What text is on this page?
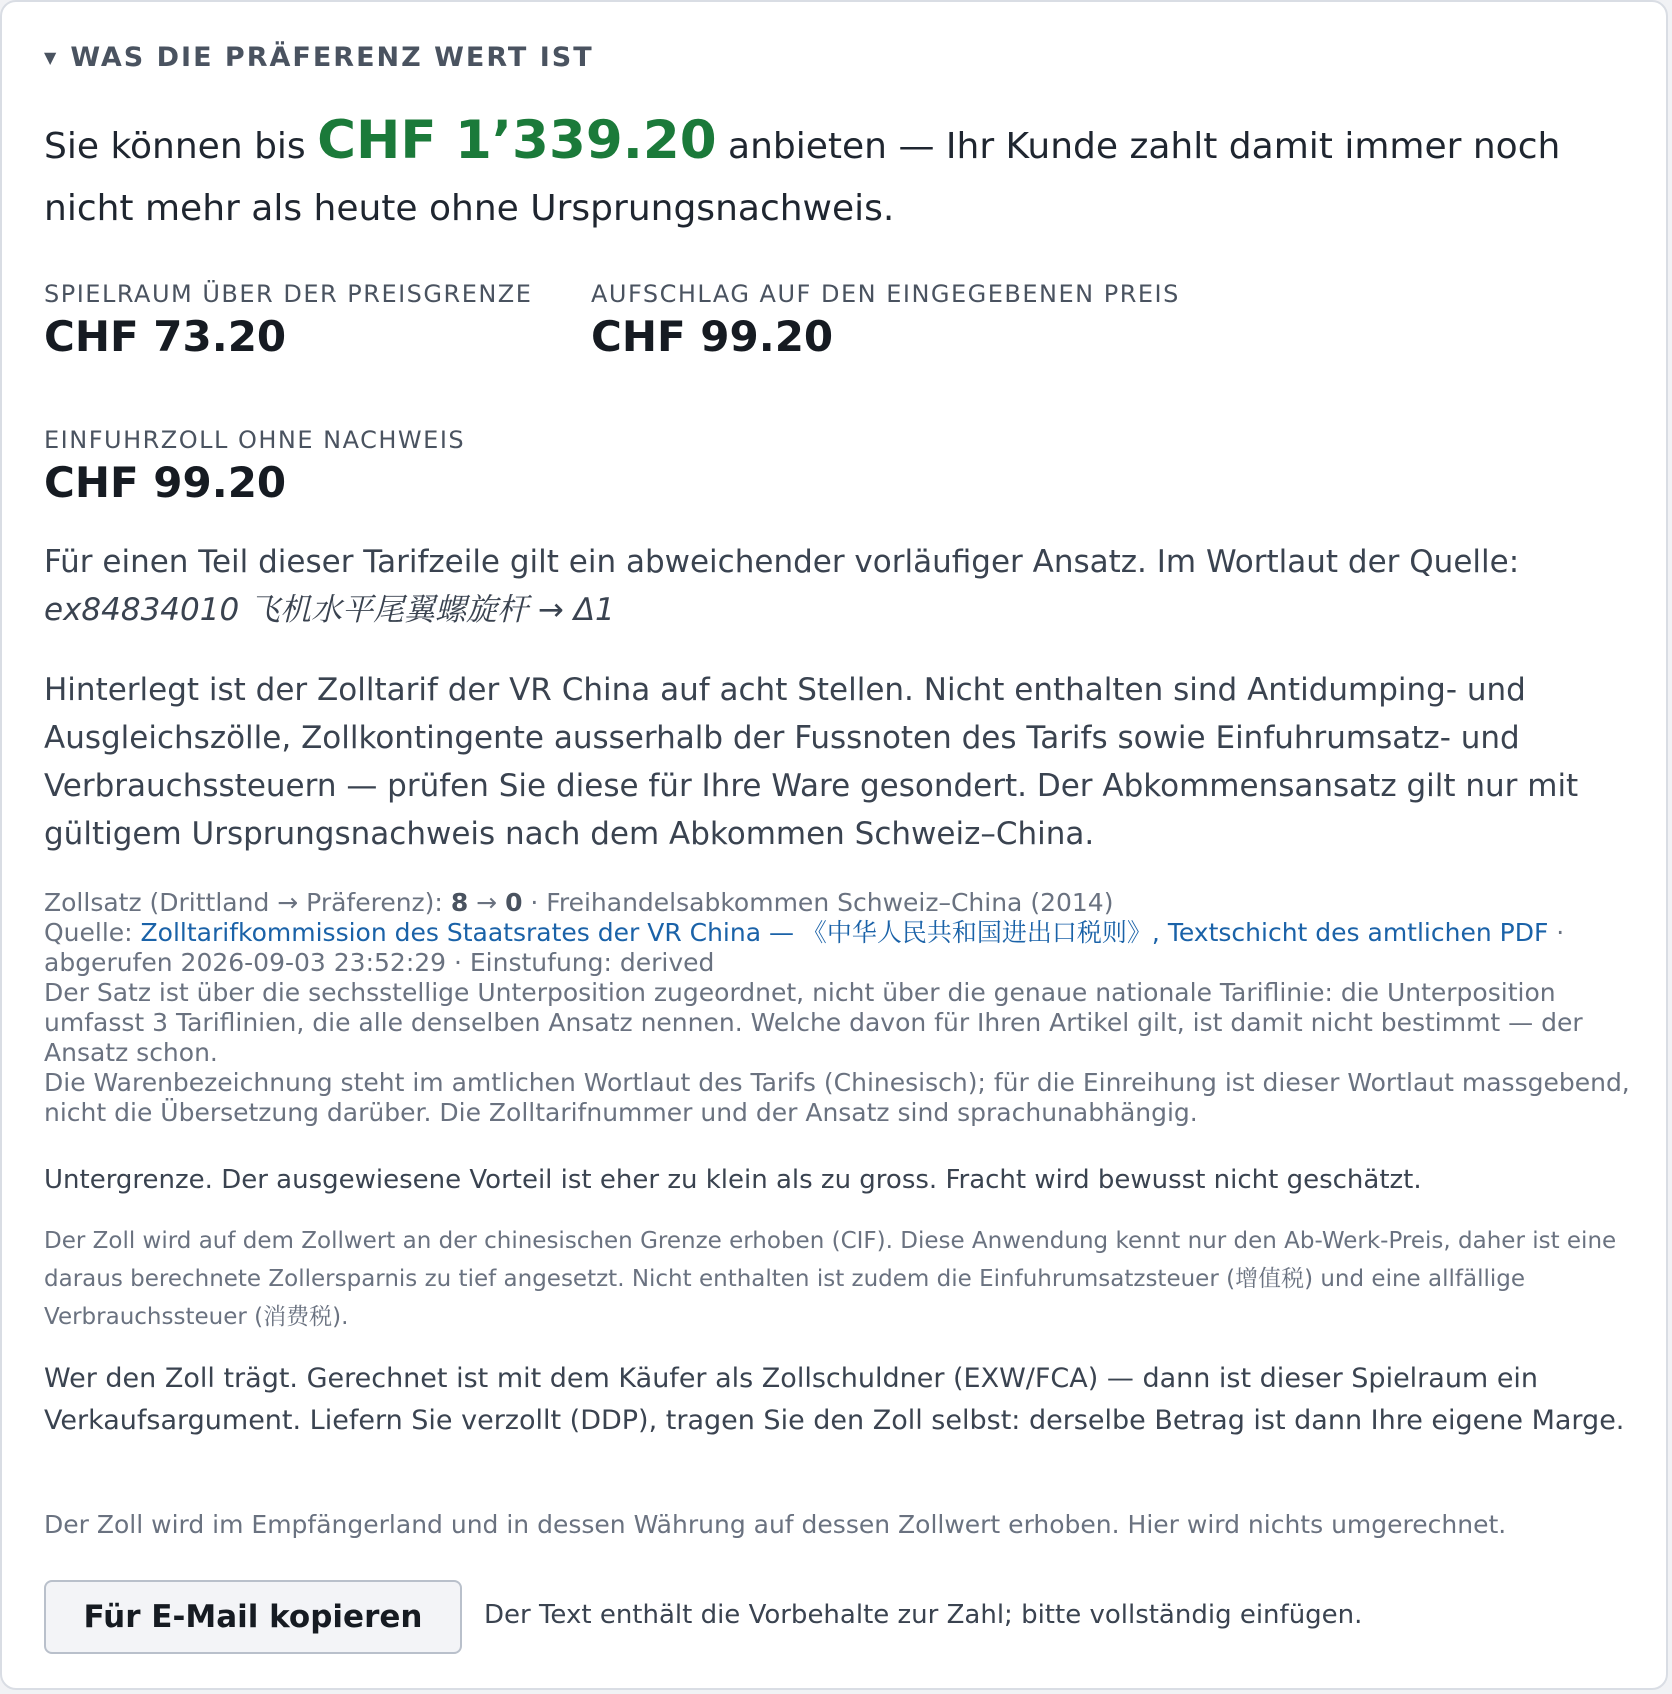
▼ WAS DIE PRÄFERENZ WERT IST
Sie können bis CHF 1’339.20 anbieten — Ihr Kunde zahlt damit immer noch nicht mehr als heute ohne Ursprungsnachweis.
SPIELRAUM ÜBER DER PREISGRENZE
CHF 73.20
AUFSCHLAG AUF DEN EINGEGEBENEN PREIS
CHF 99.20
EINFUHRZOLL OHNE NACHWEIS
CHF 99.20
Für einen Teil dieser Tarifzeile gilt ein abweichender vorläufiger Ansatz. Im Wortlaut der Quelle:
ex84834010 飞机水平尾翼螺旋杆 → Δ1
Hinterlegt ist der Zolltarif der VR China auf acht Stellen. Nicht enthalten sind Antidumping- und Ausgleichszölle, Zollkontingente ausserhalb der Fussnoten des Tarifs sowie Einfuhrumsatz- und Verbrauchssteuern — prüfen Sie diese für Ihre Ware gesondert. Der Abkommensansatz gilt nur mit gültigem Ursprungsnachweis nach dem Abkommen Schweiz–China.
Zollsatz (Drittland → Präferenz): 8 → 0 · Freihandelsabkommen Schweiz–China (2014)
Quelle: Zolltarifkommission des Staatsrates der VR China — 《中华人民共和国进出口税则》, Textschicht des amtlichen PDF · abgerufen 2026-09-03 23:52:29 · Einstufung: derived
Der Satz ist über die sechsstellige Unterposition zugeordnet, nicht über die genaue nationale Tariflinie: die Unterposition umfasst 3 Tariflinien, die alle denselben Ansatz nennen. Welche davon für Ihren Artikel gilt, ist damit nicht bestimmt — der Ansatz schon.
Die Warenbezeichnung steht im amtlichen Wortlaut des Tarifs (Chinesisch); für die Einreihung ist dieser Wortlaut massgebend, nicht die Übersetzung darüber. Die Zolltarifnummer und der Ansatz sind sprachunabhängig.
Untergrenze. Der ausgewiesene Vorteil ist eher zu klein als zu gross. Fracht wird bewusst nicht geschätzt.
Der Zoll wird auf dem Zollwert an der chinesischen Grenze erhoben (CIF). Diese Anwendung kennt nur den Ab-Werk-Preis, daher ist eine daraus berechnete Zollersparnis zu tief angesetzt. Nicht enthalten ist zudem die Einfuhrumsatzsteuer (增值税) und eine allfällige Verbrauchssteuer (消费税).
Wer den Zoll trägt. Gerechnet ist mit dem Käufer als Zollschuldner (EXW/FCA) — dann ist dieser Spielraum ein Verkaufsargument. Liefern Sie verzollt (DDP), tragen Sie den Zoll selbst: derselbe Betrag ist dann Ihre eigene Marge.
Der Zoll wird im Empfängerland und in dessen Währung auf dessen Zollwert erhoben. Hier wird nichts umgerechnet.
Für E-Mail kopieren	Der Text enthält die Vorbehalte zur Zahl; bitte vollständig einfügen.
